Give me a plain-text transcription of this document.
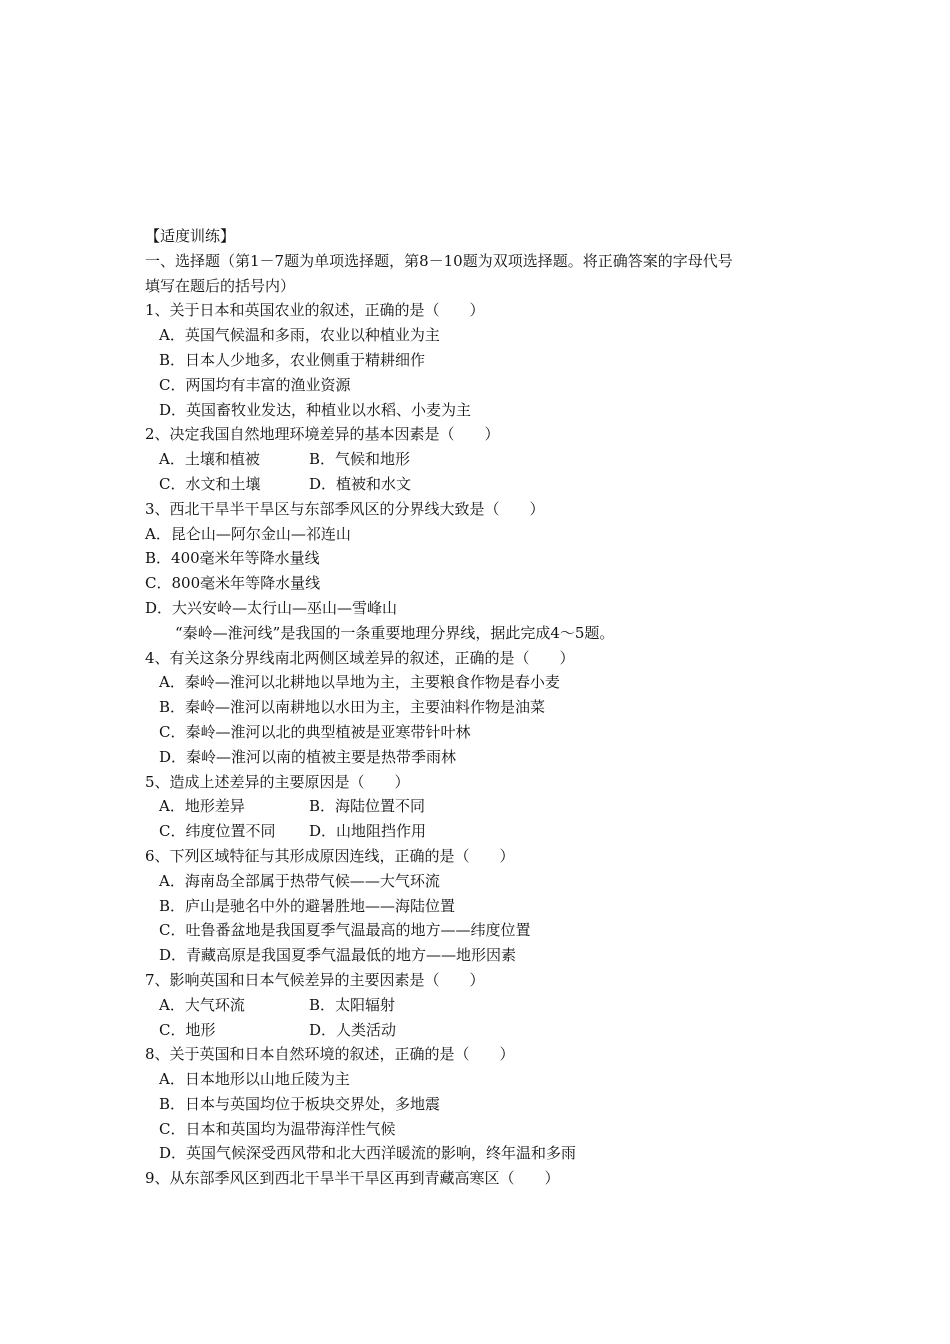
【适度训练】
一、选择题（第1－7题为单项选择题，第8－10题为双项选择题。将正确答案的字母代号
填写在题后的括号内）
1、关于日本和英国农业的叙述，正确的是（　　）
A．英国气候温和多雨，农业以种植业为主
B．日本人少地多，农业侧重于精耕细作
C．两国均有丰富的渔业资源
D．英国畜牧业发达，种植业以水稻、小麦为主
2、决定我国自然地理环境差异的基本因素是（　　）
A．土壤和植被	B．气候和地形
C．水文和土壤	D．植被和水文
3、西北干旱半干旱区与东部季风区的分界线大致是（　　）
A．昆仑山—阿尔金山—祁连山
B．400毫米年等降水量线
C．800毫米年等降水量线
D．大兴安岭—太行山—巫山—雪峰山
“秦岭—淮河线”是我国的一条重要地理分界线，据此完成4～5题。
4、有关这条分界线南北两侧区域差异的叙述，正确的是（　　）
A．秦岭—淮河以北耕地以旱地为主，主要粮食作物是春小麦
B．秦岭—淮河以南耕地以水田为主，主要油料作物是油菜
C．秦岭—淮河以北的典型植被是亚寒带针叶林
D．秦岭—淮河以南的植被主要是热带季雨林
5、造成上述差异的主要原因是（　　）
A．地形差异	B．海陆位置不同
C．纬度位置不同 D．山地阻挡作用
6、下列区域特征与其形成原因连线，正确的是（　　）
A．海南岛全部属于热带气候——大气环流
B．庐山是驰名中外的避暑胜地——海陆位置
C．吐鲁番盆地是我国夏季气温最高的地方——纬度位置
D．青藏高原是我国夏季气温最低的地方——地形因素
7、影响英国和日本气候差异的主要因素是（　　）
A．大气环流	B．太阳辐射
C．地形	D．人类活动
8、关于英国和日本自然环境的叙述，正确的是（　　）
A．日本地形以山地丘陵为主
B．日本与英国均位于板块交界处，多地震
C．日本和英国均为温带海洋性气候
D．英国气候深受西风带和北大西洋暖流的影响，终年温和多雨
9、从东部季风区到西北干旱半干旱区再到青藏高寒区（　　）
